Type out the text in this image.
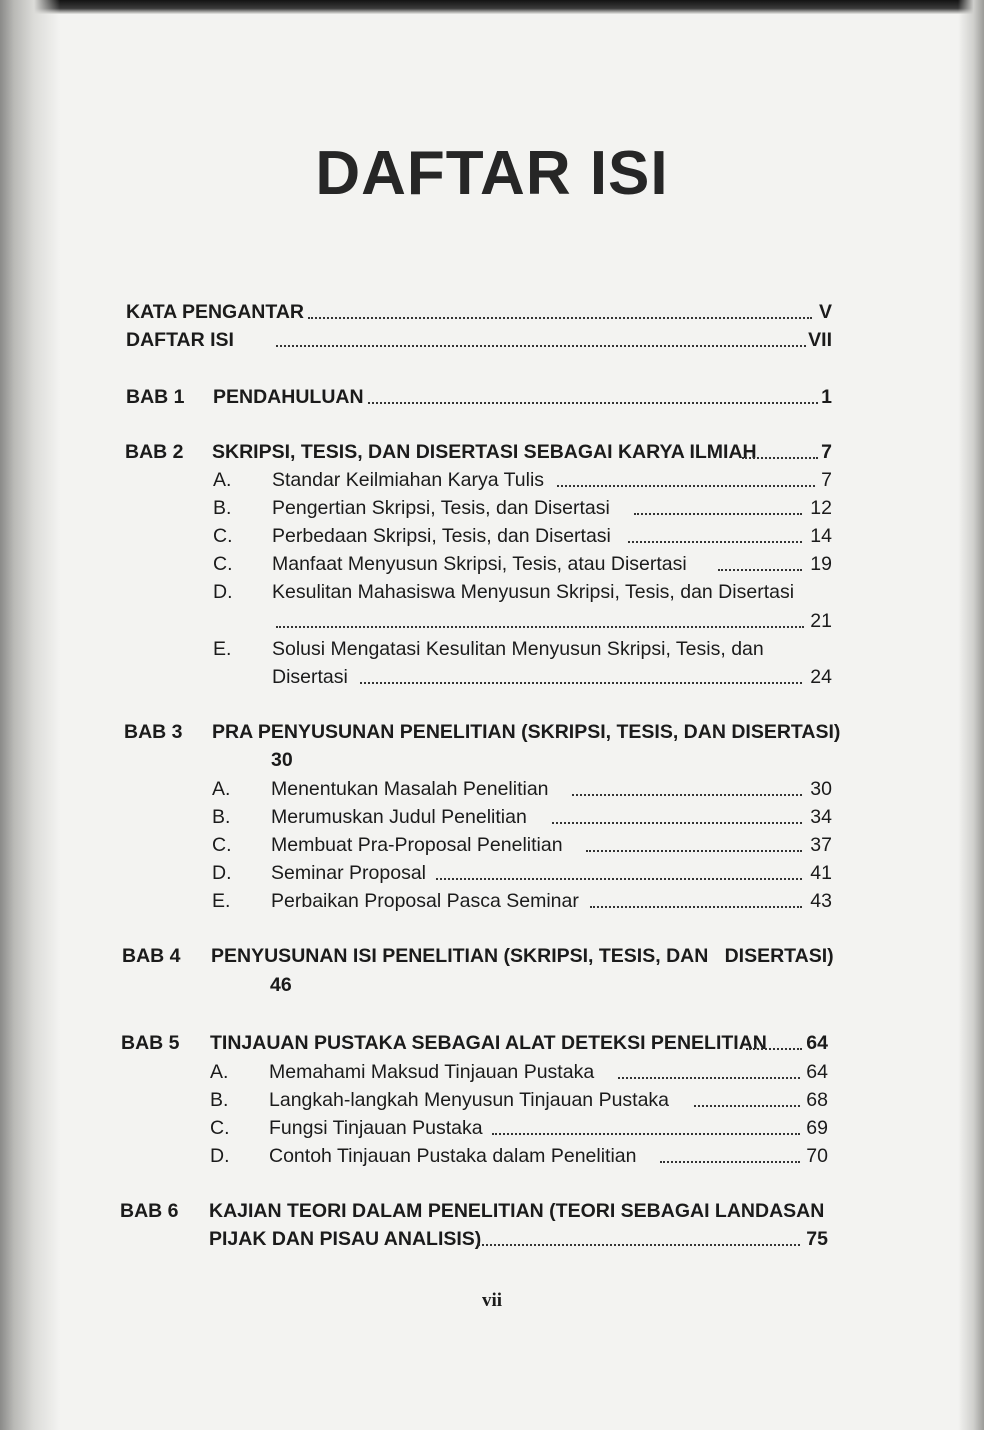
DAFTAR ISI
KATA PENGANTAR	V
DAFTAR ISI	VII
BAB 1 PENDAHULUAN	1
BAB 2 SKRIPSI, TESIS, DAN DISERTASI SEBAGAI KARYA ILMIAH	7
A. Standar Keilmiahan Karya Tulis	7
B. Pengertian Skripsi, Tesis, dan Disertasi	12
C. Perbedaan Skripsi, Tesis, dan Disertasi	14
C. Manfaat Menyusun Skripsi, Tesis, atau Disertasi	19
D. Kesulitan Mahasiswa Menyusun Skripsi, Tesis, dan Disertasi
21
E. Solusi Mengatasi Kesulitan Menyusun Skripsi, Tesis, dan
Disertasi	24
BAB 3 PRA PENYUSUNAN PENELITIAN (SKRIPSI, TESIS, DAN DISERTASI)
30
A. Menentukan Masalah Penelitian	30
B. Merumuskan Judul Penelitian	34
C. Membuat Pra-Proposal Penelitian	37
D. Seminar Proposal	41
E. Perbaikan Proposal Pasca Seminar	43
BAB 4 PENYUSUNAN ISI PENELITIAN (SKRIPSI, TESIS, DAN   DISERTASI)
46
BAB 5 TINJAUAN PUSTAKA SEBAGAI ALAT DETEKSI PENELITIAN	64
A. Memahami Maksud Tinjauan Pustaka	64
B. Langkah-langkah Menyusun Tinjauan Pustaka	68
C. Fungsi Tinjauan Pustaka	69
D. Contoh Tinjauan Pustaka dalam Penelitian	70
BAB 6 KAJIAN TEORI DALAM PENELITIAN (TEORI SEBAGAI LANDASAN
PIJAK DAN PISAU ANALISIS)	75
vii
